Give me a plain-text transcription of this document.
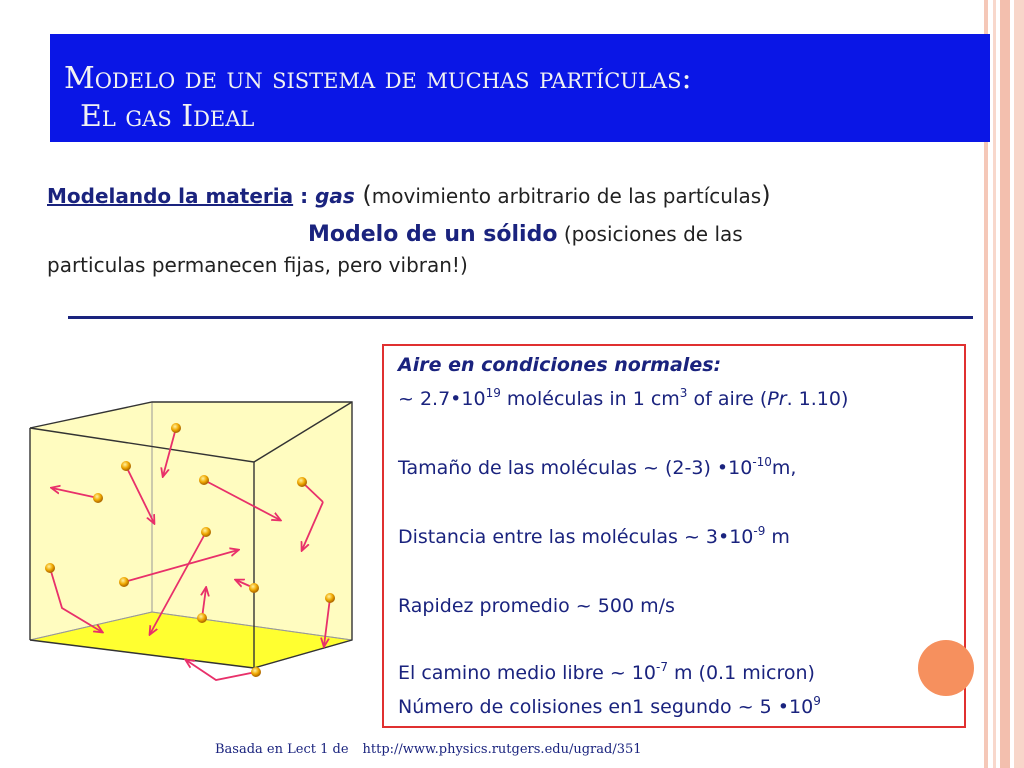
Modelo de un sistema de muchas partículas:
El gas Ideal
Modelando la materia : gas (movimiento arbitrario de las partículas)
Modelo de un sólido (posiciones de las
particulas permanecen fijas, pero vibran!)
Aire en condiciones normales:
~ $2.7•10^{19}$ moléculas in 1 $cm^3$ of aire (Pr. 1.10)
Tamaño de las moléculas ~ (2-3) $•10^{-10}m$,
Distancia entre las moléculas ~ $3•10^{-9}$ m
Rapidez promedio ~ 500 m/s
El camino medio libre ~ $10^{-7}$ m (0.1 micron)
Número de colisiones en1 segundo ~ 5 $•10^9$
Basada en Lect 1 de http://www.physics.rutgers.edu/ugrad/351
